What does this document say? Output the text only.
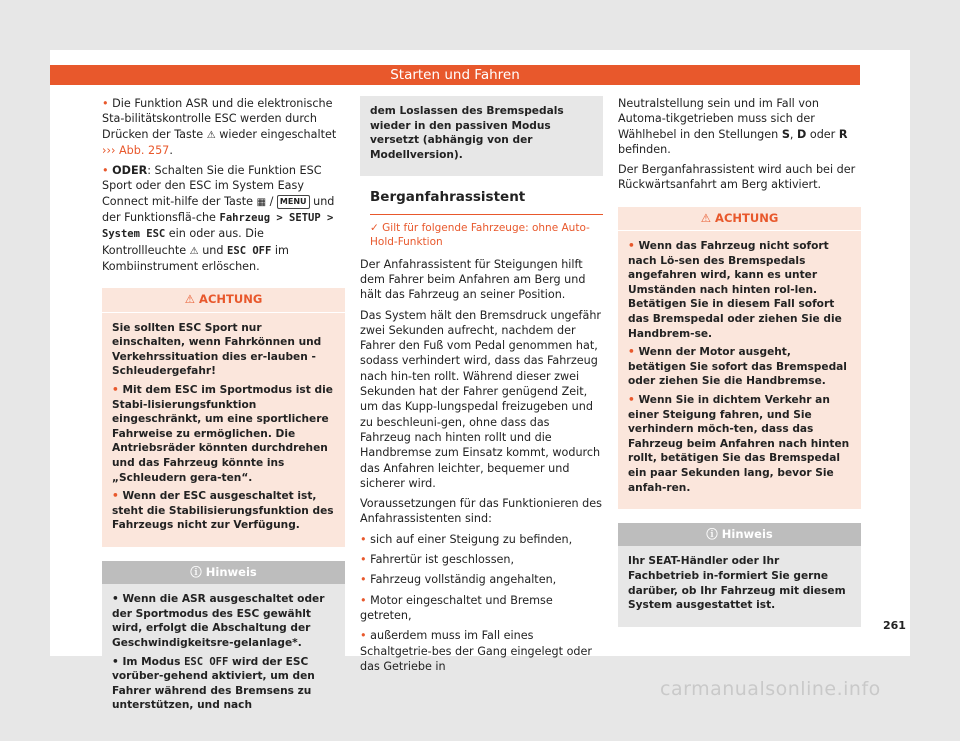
Starten und Fahren

• Die Funktion ASR und die elektronische Sta-bilitätskontrolle ESC werden durch Drücken der Taste ⚠ wieder eingeschaltet
››› Abb. 257.

• ODER: Schalten Sie die Funktion ESC Sport oder den ESC im System Easy Connect mit-hilfe der Taste ▦ / MENU und der Funktionsflä-che Fahrzeug > SETUP > System ESC ein oder aus. Die Kontrollleuchte ⚠ und ESC OFF im Kombiinstrument erlöschen.

⚠ ACHTUNG

Sie sollten ESC Sport nur einschalten, wenn Fahrkönnen und Verkehrssituation dies er-lauben - Schleudergefahr!

• Mit dem ESC im Sportmodus ist die Stabi-lisierungsfunktion eingeschränkt, um eine sportlichere Fahrweise zu ermöglichen. Die Antriebsräder könnten durchdrehen und das Fahrzeug könnte ins „Schleudern gera-ten“.

• Wenn der ESC ausgeschaltet ist, steht die Stabilisierungsfunktion des Fahrzeugs nicht zur Verfügung.

ⓘ Hinweis

• Wenn die ASR ausgeschaltet oder der Sportmodus des ESC gewählt wird, erfolgt die Abschaltung der Geschwindigkeitsre-gelanlage*.

• Im Modus ESC OFF wird der ESC vorüber-gehend aktiviert, um den Fahrer während des Bremsens zu unterstützen, und nach

dem Loslassen des Bremspedals wieder in den passiven Modus versetzt (abhängig von der Modellversion).

Berganfahrassistent
✓ Gilt für folgende Fahrzeuge: ohne Auto-Hold-Funktion

Der Anfahrassistent für Steigungen hilft dem Fahrer beim Anfahren am Berg und hält das Fahrzeug an seiner Position.

Das System hält den Bremsdruck ungefähr zwei Sekunden aufrecht, nachdem der Fahrer den Fuß vom Pedal genommen hat, sodass verhindert wird, dass das Fahrzeug nach hin-ten rollt. Während dieser zwei Sekunden hat der Fahrer genügend Zeit, um das Kupp-lungspedal freizugeben und zu beschleuni-gen, ohne dass das Fahrzeug nach hinten rollt und die Handbremse zum Einsatz kommt, wodurch das Anfahren leichter, bequemer und sicherer wird.

Voraussetzungen für das Funktionieren des Anfahrassistenten sind:

• sich auf einer Steigung zu befinden,

• Fahrertür ist geschlossen,

• Fahrzeug vollständig angehalten,

• Motor eingeschaltet und Bremse getreten,

• außerdem muss im Fall eines Schaltgetrie-bes der Gang eingelegt oder das Getriebe in

Neutralstellung sein und im Fall von Automa-tikgetrieben muss sich der Wählhebel in den Stellungen S, D oder R befinden.

Der Berganfahrassistent wird auch bei der Rückwärtsanfahrt am Berg aktiviert.

⚠ ACHTUNG

• Wenn das Fahrzeug nicht sofort nach Lö-sen des Bremspedals angefahren wird, kann es unter Umständen nach hinten rol-len. Betätigen Sie in diesem Fall sofort das Bremspedal oder ziehen Sie die Handbrem-se.

• Wenn der Motor ausgeht, betätigen Sie sofort das Bremspedal oder ziehen Sie die Handbremse.

• Wenn Sie in dichtem Verkehr an einer Steigung fahren, und Sie verhindern möch-ten, dass das Fahrzeug beim Anfahren nach hinten rollt, betätigen Sie das Bremspedal ein paar Sekunden lang, bevor Sie anfah-ren.

ⓘ Hinweis

Ihr SEAT-Händler oder Ihr Fachbetrieb in-formiert Sie gerne darüber, ob Ihr Fahrzeug mit diesem System ausgestattet ist.

261
carmanualsonline.info
